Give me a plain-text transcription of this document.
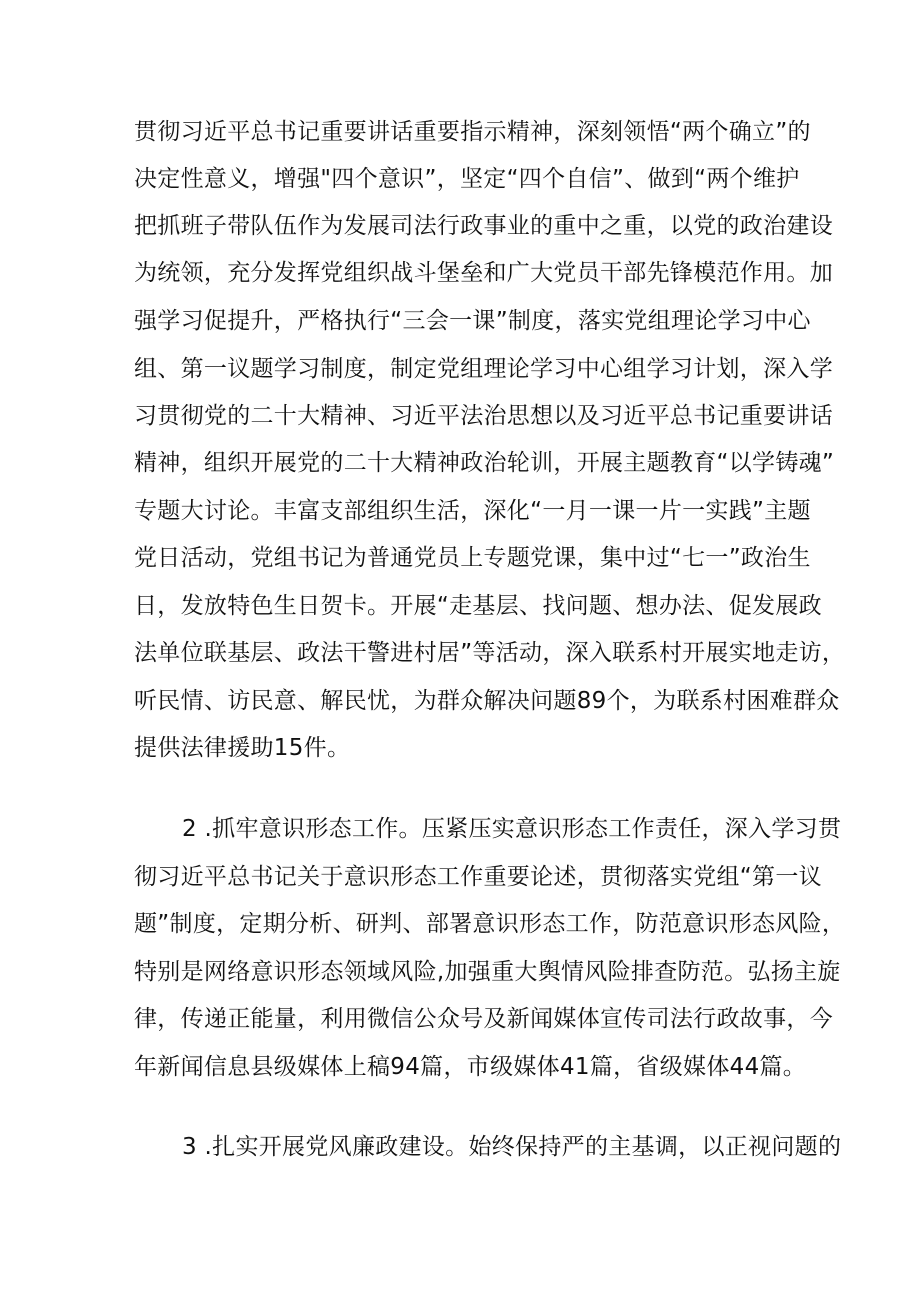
贯彻习近平总书记重要讲话重要指示精神，深刻领悟“两个确立”的
决定性意义，增强"四个意识”，坚定“四个自信”、做到“两个维护
把抓班子带队伍作为发展司法行政事业的重中之重，以党的政治建设
为统领，充分发挥党组织战斗堡垒和广大党员干部先锋模范作用。加
强学习促提升，严格执行“三会一课”制度，落实党组理论学习中心
组、第一议题学习制度，制定党组理论学习中心组学习计划，深入学
习贯彻党的二十大精神、习近平法治思想以及习近平总书记重要讲话
精神，组织开展党的二十大精神政治轮训，开展主题教育“以学铸魂”
专题大讨论。丰富支部组织生活，深化“一月一课一片一实践”主题
党日活动，党组书记为普通党员上专题党课，集中过“七一”政治生
日，发放特色生日贺卡。开展“走基层、找问题、想办法、促发展政
法单位联基层、政法干警进村居”等活动，深入联系村开展实地走访，
听民情、访民意、解民忧，为群众解决问题89个，为联系村困难群众
提供法律援助15件。
2 .抓牢意识形态工作。压紧压实意识形态工作责任，深入学习贯
彻习近平总书记关于意识形态工作重要论述，贯彻落实党组“第一议
题”制度，定期分析、研判、部署意识形态工作，防范意识形态风险，
特别是网络意识形态领域风险,加强重大舆情风险排查防范。弘扬主旋
律，传递正能量，利用微信公众号及新闻媒体宣传司法行政故事，今
年新闻信息县级媒体上稿94篇，市级媒体41篇，省级媒体44篇。
3 .扎实开展党风廉政建设。始终保持严的主基调，以正视问题的
